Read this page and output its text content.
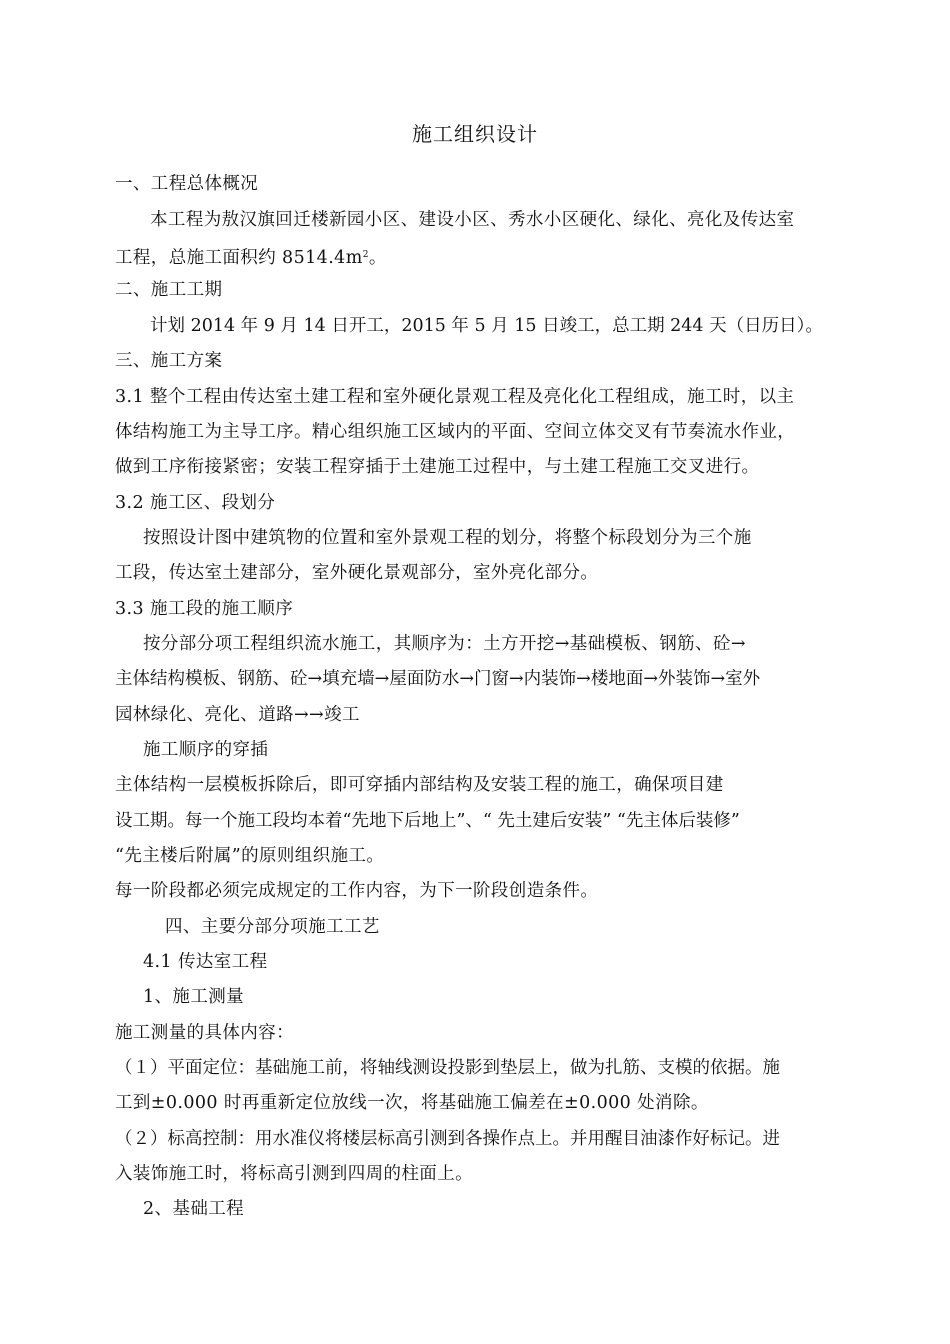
施工组织设计
一、工程总体概况
本工程为敖汉旗回迁楼新园小区、建设小区、秀水小区硬化、绿化、亮化及传达室
工程，总施工面积约 $8514.4m^2$。
二、施工工期
计划 2014 年 9 月 14 日开工，2015 年 5 月 15 日竣工，总工期 244 天（日历日）。
三、施工方案
3.1 整个工程由传达室土建工程和室外硬化景观工程及亮化化工程组成，施工时，以主
体结构施工为主导工序。精心组织施工区域内的平面、空间立体交叉有节奏流水作业，
做到工序衔接紧密；安装工程穿插于土建施工过程中，与土建工程施工交叉进行。
3.2 施工区、段划分
按照设计图中建筑物的位置和室外景观工程的划分，将整个标段划分为三个施
工段，传达室土建部分，室外硬化景观部分，室外亮化部分。
3.3 施工段的施工顺序
按分部分项工程组织流水施工，其顺序为：土方开挖→基础模板、钢筋、砼→
主体结构模板、钢筋、砼→填充墙→屋面防水→门窗→内装饰→楼地面→外装饰→室外
园林绿化、亮化、道路→→竣工
施工顺序的穿插
主体结构一层模板拆除后，即可穿插内部结构及安装工程的施工，确保项目建
设工期。每一个施工段均本着“先地下后地上”、“ 先土建后安装” “先主体后装修”
“先主楼后附属”的原则组织施工。
每一阶段都必须完成规定的工作内容，为下一阶段创造条件。
四、主要分部分项施工工艺
4.1 传达室工程
1、施工测量
施工测量的具体内容：
（１）平面定位：基础施工前，将轴线测设投影到垫层上，做为扎筋、支模的依据。施
工到±0.000 时再重新定位放线一次，将基础施工偏差在±0.000 处消除。
（２）标高控制：用水准仪将楼层标高引测到各操作点上。并用醒目油漆作好标记。进
入装饰施工时，将标高引测到四周的柱面上。
2、基础工程
